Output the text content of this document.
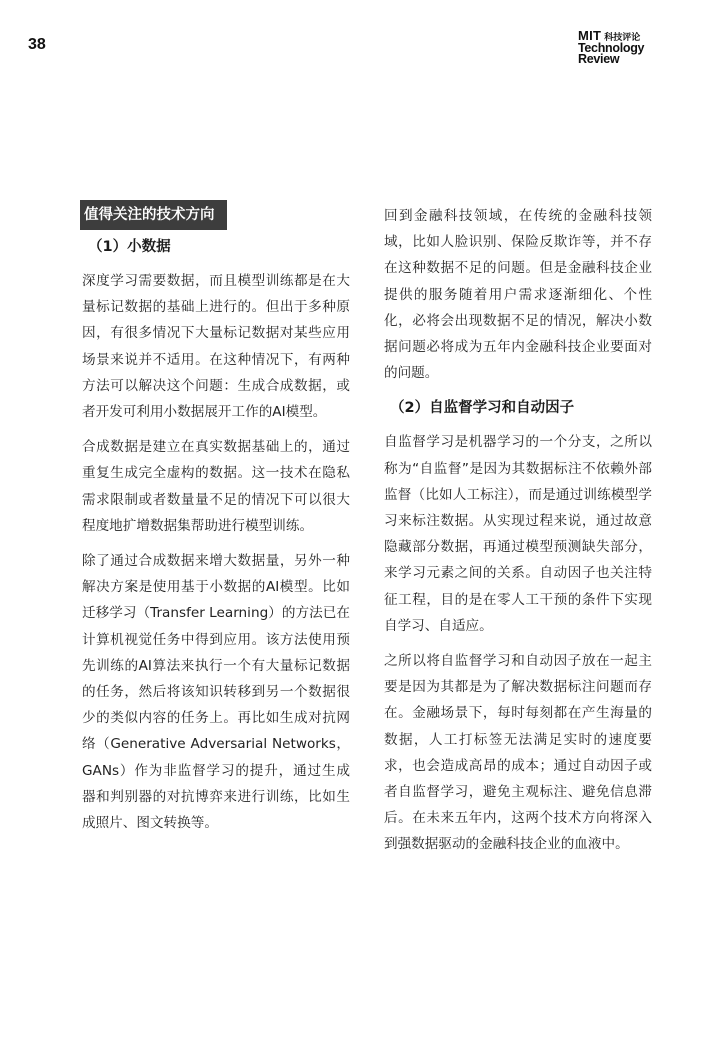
38
MIT 科技评论
Technology
Review
值得关注的技术方向
（1）小数据

深度学习需要数据，而且模型训练都是在大量标记数据的基础上进行的。但出于多种原因，有很多情况下大量标记数据对某些应用场景来说并不适用。在这种情况下，有两种方法可以解决这个问题：生成合成数据，或者开发可利用小数据展开工作的AI模型。

合成数据是建立在真实数据基础上的，通过重复生成完全虚构的数据。这一技术在隐私需求限制或者数量量不足的情况下可以很大程度地扩增数据集帮助进行模型训练。

除了通过合成数据来增大数据量，另外一种解决方案是使用基于小数据的AI模型。比如迁移学习（Transfer Learning）的方法已在计算机视觉任务中得到应用。该方法使用预先训练的AI算法来执行一个有大量标记数据的任务，然后将该知识转移到另一个数据很少的类似内容的任务上。再比如生成对抗网络（Generative Adversarial Networks，GANs）作为非监督学习的提升，通过生成器和判别器的对抗博弈来进行训练，比如生成照片、图文转换等。

回到金融科技领域，在传统的金融科技领域，比如人脸识别、保险反欺诈等，并不存在这种数据不足的问题。但是金融科技企业提供的服务随着用户需求逐渐细化、个性化，必将会出现数据不足的情况，解决小数据问题必将成为五年内金融科技企业要面对的问题。

（2）自监督学习和自动因子

自监督学习是机器学习的一个分支，之所以称为“自监督”是因为其数据标注不依赖外部监督（比如人工标注），而是通过训练模型学习来标注数据。从实现过程来说，通过故意隐藏部分数据，再通过模型预测缺失部分，来学习元素之间的关系。自动因子也关注特征工程，目的是在零人工干预的条件下实现自学习、自适应。

之所以将自监督学习和自动因子放在一起主要是因为其都是为了解决数据标注问题而存在。金融场景下，每时每刻都在产生海量的数据，人工打标签无法满足实时的速度要求，也会造成高昂的成本；通过自动因子或者自监督学习，避免主观标注、避免信息滞后。在未来五年内，这两个技术方向将深入到强数据驱动的金融科技企业的血液中。
